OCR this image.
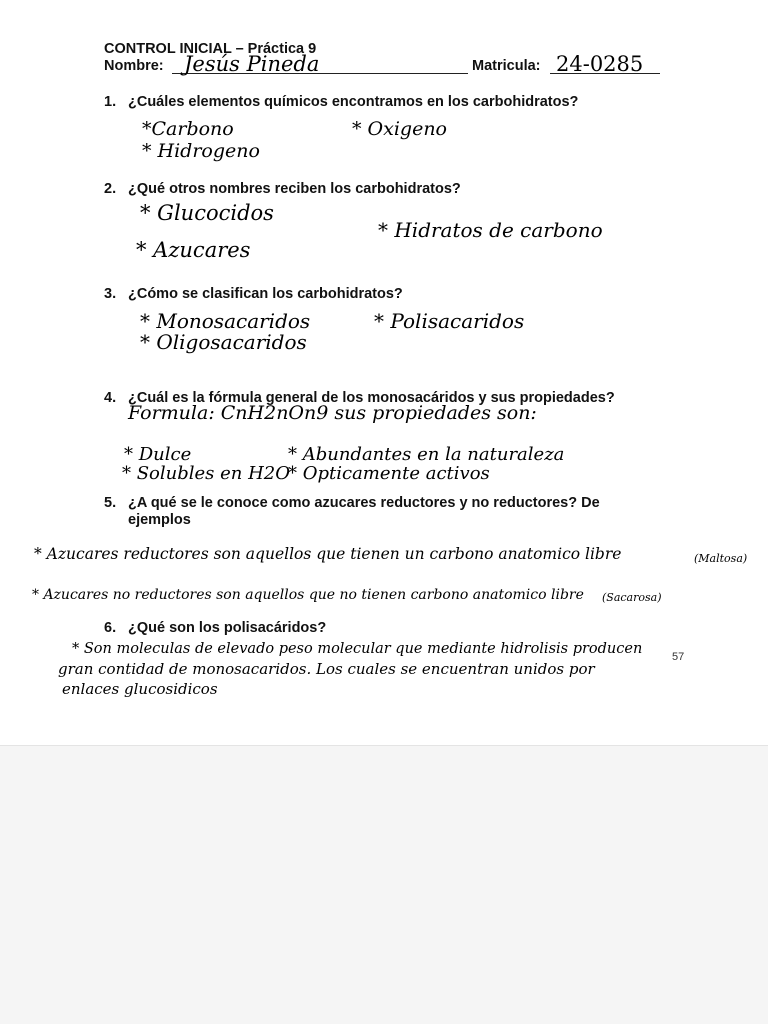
CONTROL INICIAL – Práctica 9
Nombre: Jesús Pineda	Matricula: 24-0285
1. ¿Cuáles elementos químicos encontramos en los carbohidratos?
*Carbono	* Oxigeno
* Hidrogeno
2. ¿Qué otros nombres reciben los carbohidratos?
* Glucocidos
* Hidratos de carbono
* Azucares
3. ¿Cómo se clasifican los carbohidratos?
* Monosacaridos	* Polisacaridos
* Oligosacaridos
4. ¿Cuál es la fórmula general de los monosacáridos y sus propiedades?
Formula: CnH2nOn9 sus propiedades son:
* Dulce	* Abundantes en la naturaleza
* Solubles en H2O
* Opticamente activos
5. ¿A qué se le conoce como azucares reductores y no reductores? De
ejemplos
* Azucares reductores son aquellos que tienen un carbono anatomico libre	(Maltosa)
* Azucares no reductores son aquellos que no tienen carbono anatomico libre (Sacarosa)
6. ¿Qué son los polisacáridos?
* Son moleculas de elevado peso molecular que mediante hidrolisis producen
gran contidad de monosacaridos. Los cuales se encuentran unidos por
enlaces glucosidicos
57
